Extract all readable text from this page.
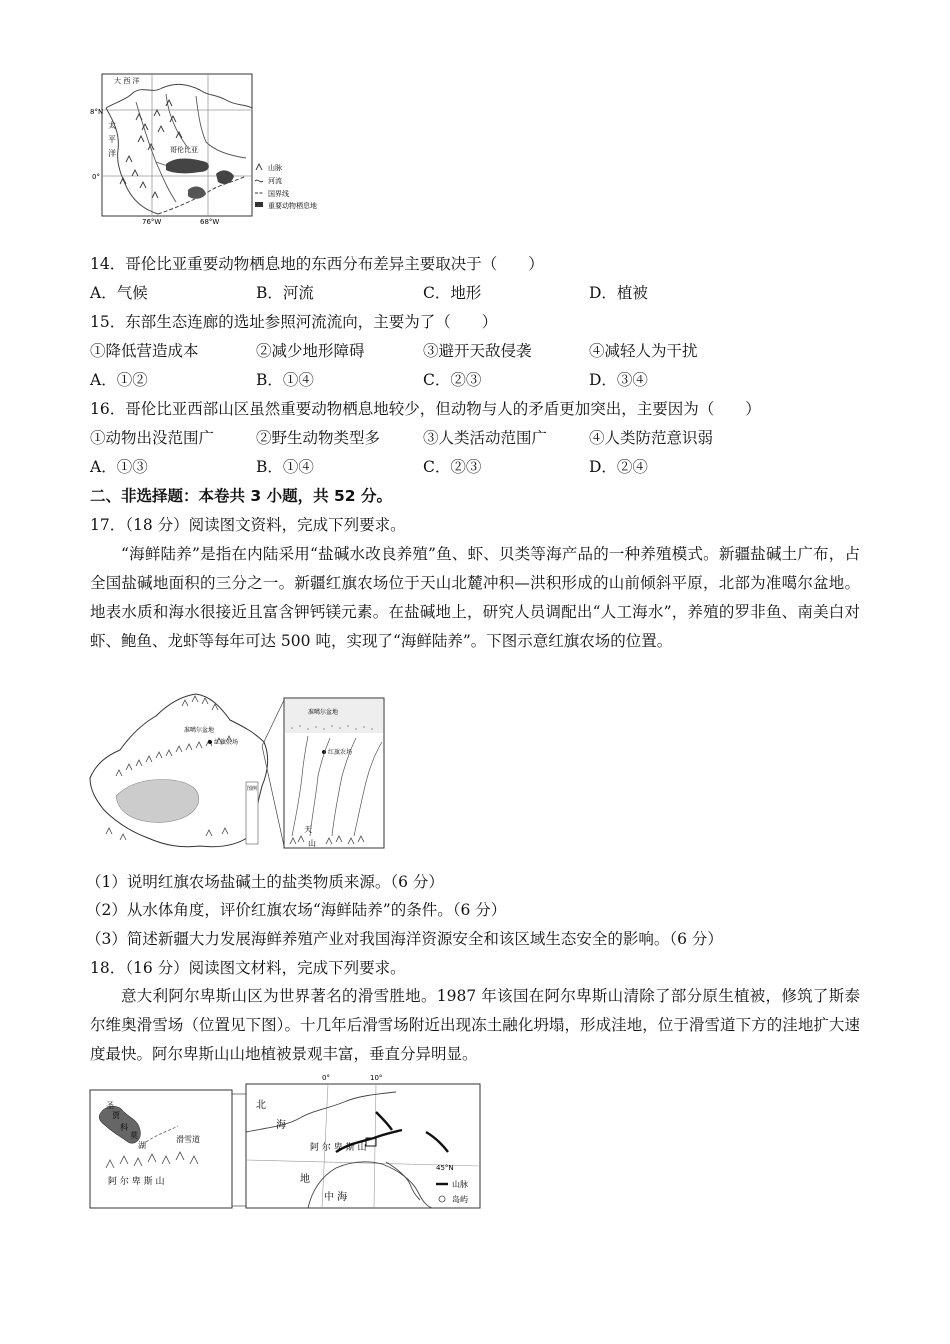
大 西 洋
8°N
0°
太
平
洋	哥伦比亚
76°W	68°W
山脉
河流
国界线
重要动物栖息地
14．哥伦比亚重要动物栖息地的东西分布差异主要取决于（　　）
A．气候	B．河流	C．地形	D．植被
15．东部生态连廊的选址参照河流流向，主要为了（　　）
①降低营造成本	②减少地形障碍	③避开天敌侵袭	④减轻人为干扰
A．①②	B．①④	C．②③	D．③④
16．哥伦比亚西部山区虽然重要动物栖息地较少，但动物与人的矛盾更加突出，主要因为（　　）
①动物出没范围广	②野生动物类型多	③人类活动范围广	④人类防范意识弱
A．①③	B．①④	C．②③	D．②④
二、非选择题：本卷共 3 小题，共 52 分。
17．（18 分）阅读图文资料，完成下列要求。

“海鲜陆养”是指在内陆采用“盐碱水改良养殖”鱼、虾、贝类等海产品的一种养殖模式。新疆盐碱土广布，占全国盐碱地面积的三分之一。新疆红旗农场位于天山北麓冲积—洪积形成的山前倾斜平原，北部为准噶尔盆地。地表水质和海水很接近且富含钾钙镁元素。在盐碱地上，研究人员调配出“人工海水”，养殖的罗非鱼、南美白对虾、鲍鱼、龙虾等每年可达 500 吨，实现了“海鲜陆养”。下图示意红旗农场的位置。

准噶尔盆地
红旗农场
图例
准噶尔盆地
红旗农场
天
山
（1）说明红旗农场盐碱土的盐类物质来源。（6 分）
（2）从水体角度，评价红旗农场“海鲜陆养”的条件。（6 分）
（3）简述新疆大力发展海鲜养殖产业对我国海洋资源安全和该区域生态安全的影响。（6 分）
18．（16 分）阅读图文材料，完成下列要求。

意大利阿尔卑斯山区为世界著名的滑雪胜地。1987 年该国在阿尔卑斯山清除了部分原生植被，修筑了斯泰尔维奥滑雪场（位置见下图）。十几年后滑雪场附近出现冻土融化坍塌，形成洼地，位于滑雪道下方的洼地扩大速度最快。阿尔卑斯山山地植被景观丰富，垂直分异明显。

圣
贾
科
莫
湖
滑雪道
阿 尔 卑 斯 山
0°	10°
北
海
阿 尔 卑 斯 山
45°N
地
中 海
山脉
岛屿
